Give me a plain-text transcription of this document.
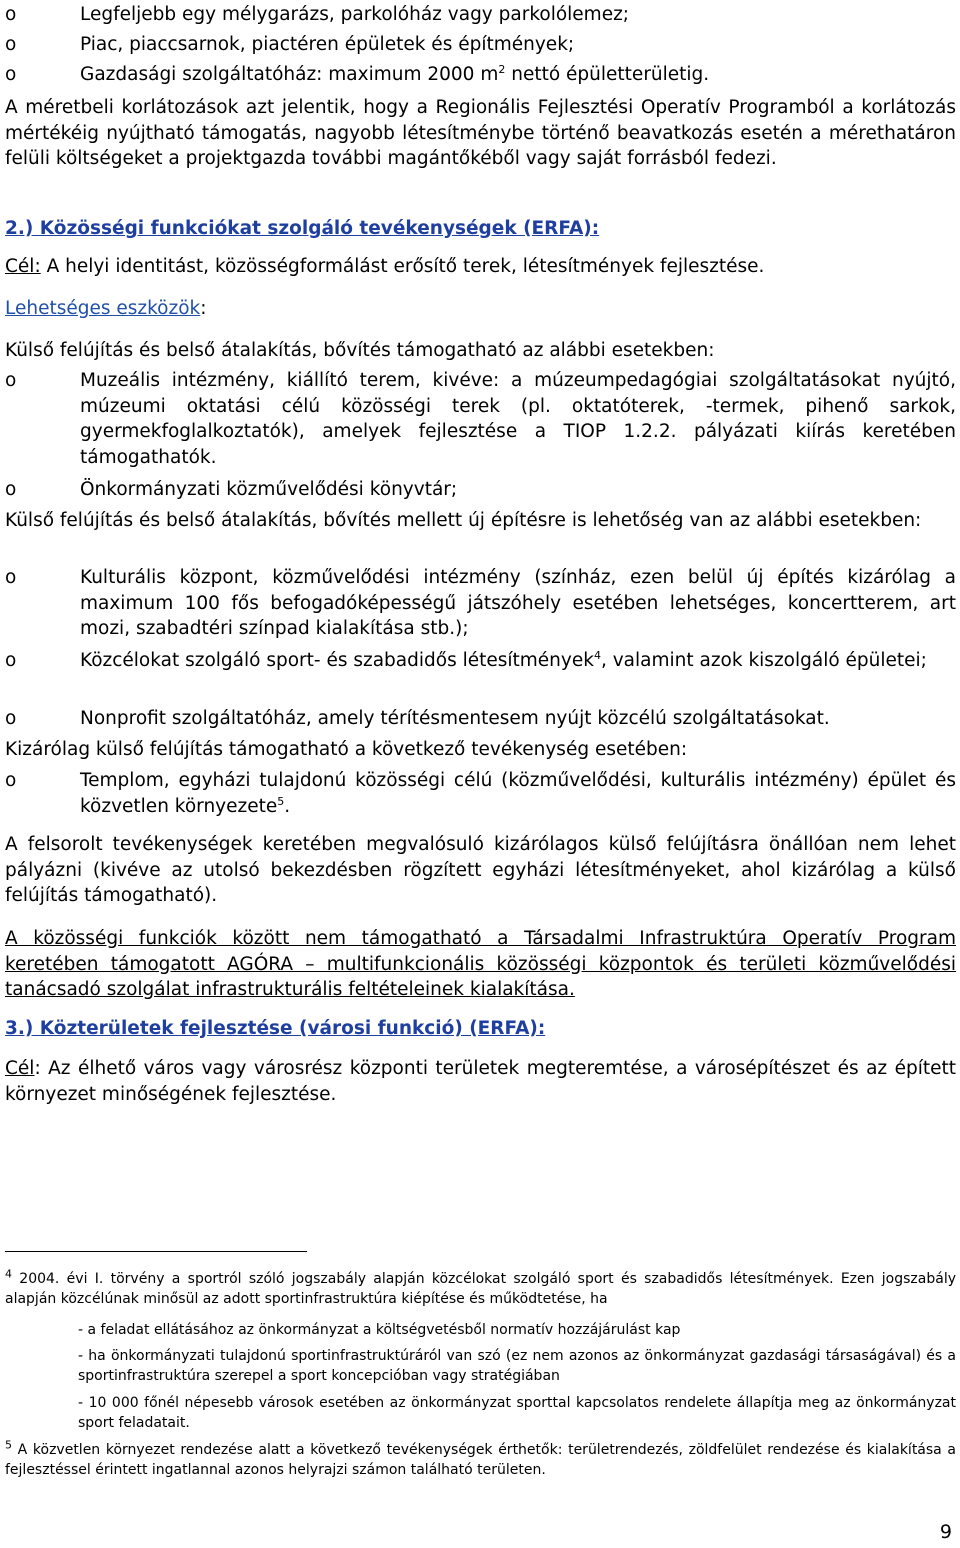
o	Legfeljebb egy mélygarázs, parkolóház vagy parkolólemez;
o	Piac, piaccsarnok, piactéren épületek és építmények;
o	Gazdasági szolgáltatóház: maximum 2000 $m^2$ nettó épületterületig.

A méretbeli korlátozások azt jelentik, hogy a Regionális Fejlesztési Operatív Programból a korlátozás mértékéig nyújtható támogatás, nagyobb létesítménybe történő beavatkozás esetén a mérethatáron felüli költségeket a projektgazda további magántőkéből vagy saját forrásból fedezi.

2.) Közösségi funkciókat szolgáló tevékenységek (ERFA):

Cél: A helyi identitást, közösségformálást erősítő terek, létesítmények fejlesztése.

Lehetséges eszközök:

Külső felújítás és belső átalakítás, bővítés támogatható az alábbi esetekben:

o	Muzeális intézmény, kiállító terem, kivéve: a múzeumpedagógiai szolgáltatásokat nyújtó, múzeumi oktatási célú közösségi terek (pl. oktatóterek, -termek, pihenő sarkok, gyermekfoglalkoztatók), amelyek fejlesztése a TIOP 1.2.2. pályázati kiírás keretében támogathatók.
o	Önkormányzati közművelődési könyvtár;

Külső felújítás és belső átalakítás, bővítés mellett új építésre is lehetőség van az alábbi esetekben:

o	Kulturális központ, közművelődési intézmény (színház, ezen belül új építés kizárólag a maximum 100 fős befogadóképességű játszóhely esetében lehetséges, koncertterem, art mozi, szabadtéri színpad kialakítása stb.);
o	Közcélokat szolgáló sport- és szabadidős létesítmények$^4$, valamint azok kiszolgáló épületei;
o	Nonprofit szolgáltatóház, amely térítésmentesem nyújt közcélú szolgáltatásokat.

Kizárólag külső felújítás támogatható a következő tevékenység esetében:

o	Templom, egyházi tulajdonú közösségi célú (közművelődési, kulturális intézmény) épület és közvetlen környezete$^5$.

A felsorolt tevékenységek keretében megvalósuló kizárólagos külső felújításra önállóan nem lehet pályázni (kivéve az utolsó bekezdésben rögzített egyházi létesítményeket, ahol kizárólag a külső felújítás támogatható).

A közösségi funkciók között nem támogatható a Társadalmi Infrastruktúra Operatív Program keretében támogatott AGÓRA – multifunkcionális közösségi központok és területi közművelődési tanácsadó szolgálat infrastrukturális feltételeinek kialakítása.

3.) Közterületek fejlesztése (városi funkció) (ERFA):

Cél: Az élhető város vagy városrész központi területek megteremtése, a városépítészet és az épített környezet minőségének fejlesztése.

$^4$ 2004. évi I. törvény a sportról szóló jogszabály alapján közcélokat szolgáló sport és szabadidős létesítmények. Ezen jogszabály alapján közcélúnak minősül az adott sportinfrastruktúra kiépítése és működtetése, ha

- a feladat ellátásához az önkormányzat a költségvetésből normatív hozzájárulást kap

- ha önkormányzati tulajdonú sportinfrastruktúráról van szó (ez nem azonos az önkormányzat gazdasági társaságával) és a sportinfrastruktúra szerepel a sport koncepcióban vagy stratégiában

- 10 000 főnél népesebb városok esetében az önkormányzat sporttal kapcsolatos rendelete állapítja meg az önkormányzat sport feladatait.

$^5$ A közvetlen környezet rendezése alatt a következő tevékenységek érthetők: területrendezés, zöldfelület rendezése és kialakítása a fejlesztéssel érintett ingatlannal azonos helyrajzi számon található területen.

9
